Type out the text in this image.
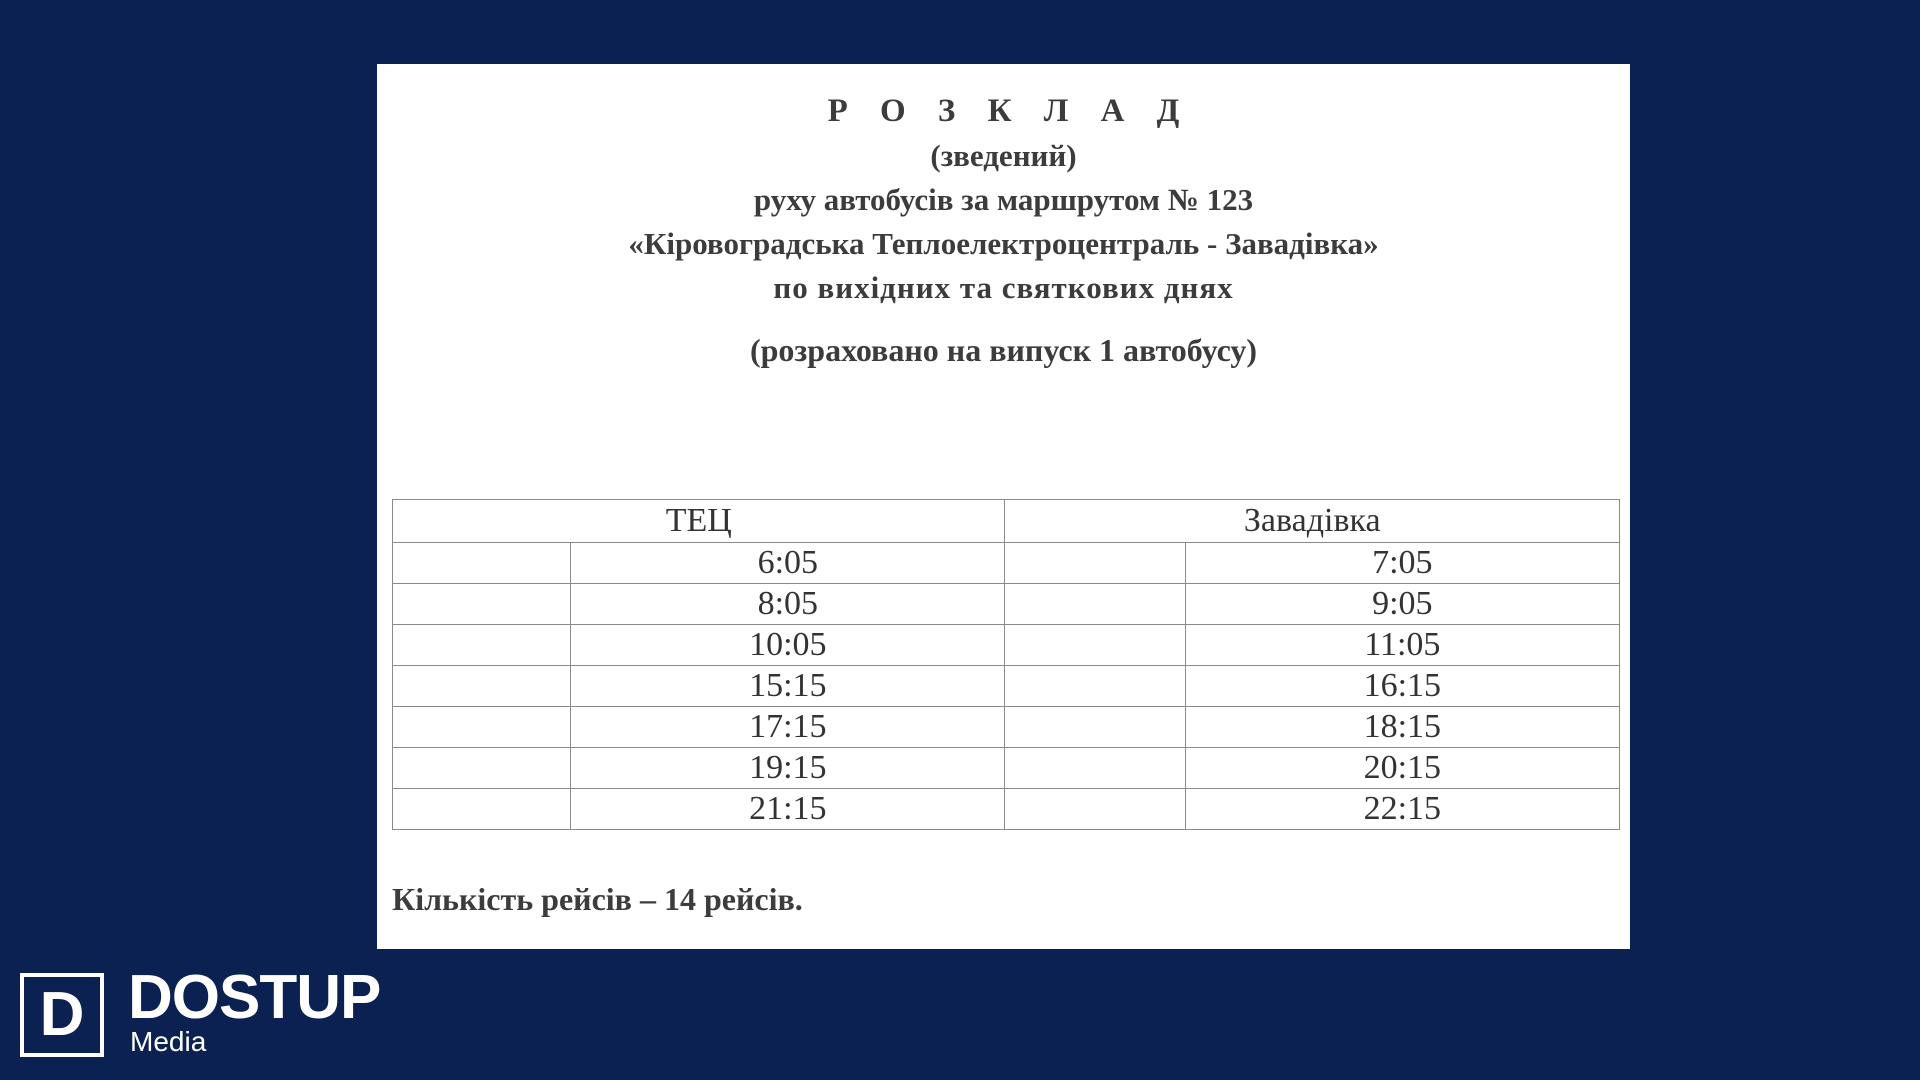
Р О З К Л А Д
(зведений)
руху автобусів за маршрутом № 123
«Кіровоградська Теплоелектроцентраль - Завадівка»
по вихідних та святкових днях
(розраховано на випуск 1 автобусу)
ТЕЦ		Завадівка	
	6:05		7:05
	8:05		9:05
	10:05		11:05
	15:15		16:15
	17:15		18:15
	19:15		20:15
	21:15		22:15
Кількість рейсів – 14 рейсів.
D DOSTUP
Media
